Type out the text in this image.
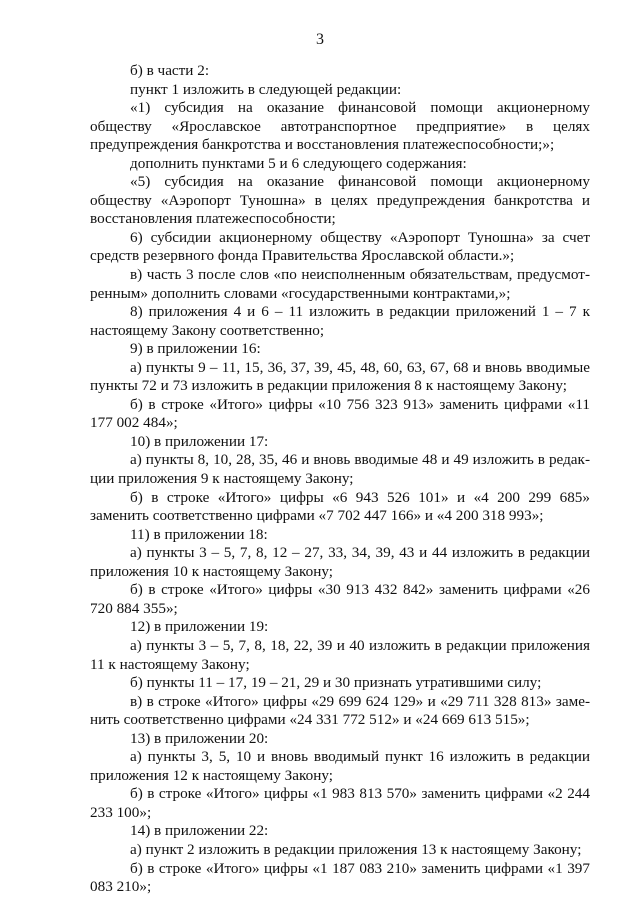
3

б) в части 2:

пункт 1 изложить в следующей редакции:

«1) субсидия на оказание финансовой помощи акционерному обществу «Ярославское автотранспортное предприятие» в целях предупреждения банкротства и восстановления платежеспособности;»;

дополнить пунктами 5 и 6 следующего содержания:

«5) субсидия на оказание финансовой помощи акционерному обществу «Аэропорт Туношна» в целях предупреждения банкротства и восстановления платежеспособности;

6) субсидии акционерному обществу «Аэропорт Туношна» за счет средств резервного фонда Правительства Ярославской области.»;

в) часть 3 после слов «по неисполненным обязательствам, предусмотренным» дополнить словами «государственными контрактами,»;

8) приложения 4 и 6 – 11 изложить в редакции приложений 1 – 7 к настоящему Закону соответственно;

9) в приложении 16:

а) пункты 9 – 11, 15, 36, 37, 39, 45, 48, 60, 63, 67, 68 и вновь вводимые пункты 72 и 73 изложить в редакции приложения 8 к настоящему Закону;

б) в строке «Итого» цифры «10 756 323 913» заменить цифрами «11 177 002 484»;

10) в приложении 17:

а) пункты 8, 10, 28, 35, 46 и вновь вводимые 48 и 49 изложить в редакции приложения 9 к настоящему Закону;

б) в строке «Итого» цифры «6 943 526 101» и «4 200 299 685» заменить соответственно цифрами «7 702 447 166» и «4 200 318 993»;

11) в приложении 18:

а) пункты 3 – 5, 7, 8, 12 – 27, 33, 34, 39, 43 и 44 изложить в редакции приложения 10 к настоящему Закону;

б) в строке «Итого» цифры «30 913 432 842» заменить цифрами «26 720 884 355»;

12) в приложении 19:

а) пункты 3 – 5, 7, 8, 18, 22, 39 и 40 изложить в редакции приложения 11 к настоящему Закону;

б) пункты 11 – 17, 19 – 21, 29 и 30 признать утратившими силу;

в) в строке «Итого» цифры «29 699 624 129» и «29 711 328 813» заменить соответственно цифрами «24 331 772 512» и «24 669 613 515»;

13) в приложении 20:

а) пункты 3, 5, 10 и вновь вводимый пункт 16 изложить в редакции приложения 12 к настоящему Закону;

б) в строке «Итого» цифры «1 983 813 570» заменить цифрами «2 244 233 100»;

14) в приложении 22:

а) пункт 2 изложить в редакции приложения 13 к настоящему Закону;

б) в строке «Итого» цифры «1 187 083 210» заменить цифрами «1 397 083 210»;
